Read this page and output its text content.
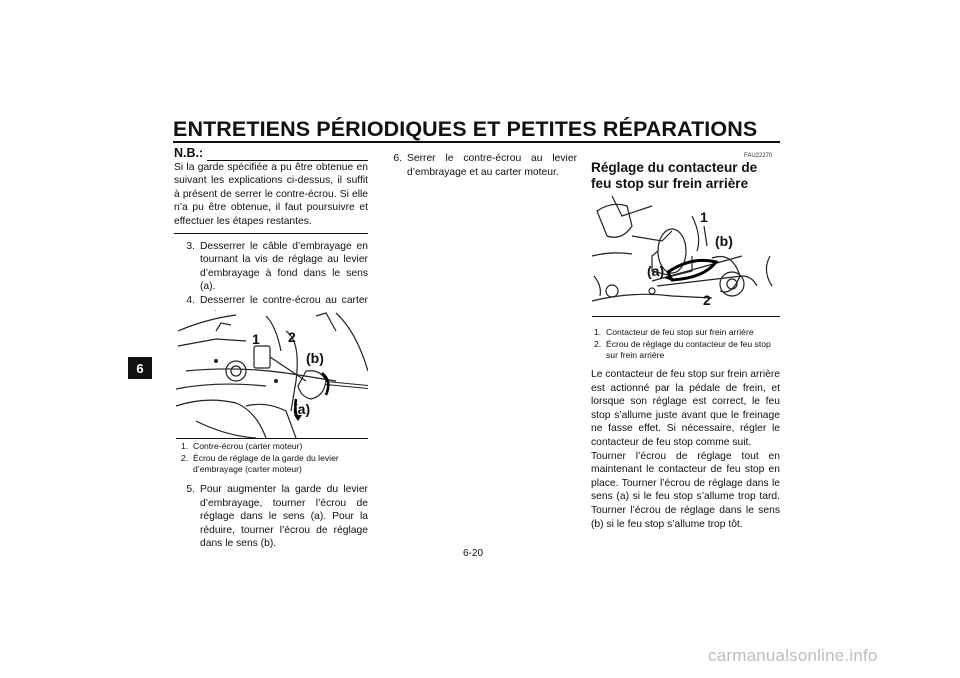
ENTRETIENS PÉRIODIQUES ET PETITES RÉPARATIONS
6
N.B.:

Si la garde spécifiée a pu être obtenue en suivant les explications ci-dessus, il suffit à présent de serrer le contre-écrou. Si elle n’a pu être obtenue, il faut poursuivre et effectuer les étapes restantes.

3. Desserrer le câble d’embrayage en tournant la vis de réglage au levier d’embrayage à fond dans le sens (a).
4. Desserrer le contre-écrou au carter
1 2
(b)
(a)
1. Contre-écrou (carter moteur)
2. Écrou de réglage de la garde du levier d’embrayage (carter moteur)
5. Pour augmenter la garde du levier d’embrayage, tourner l’écrou de réglage dans le sens (a). Pour la réduire, tourner l’écrou de réglage dans le sens (b).
6. Serrer le contre-écrou au levier d’embrayage et au carter moteur.
FAU22270
Réglage du contacteur de feu stop sur frein arrière
1
(b)
(a)
2
1. Contacteur de feu stop sur frein arrière
2. Écrou de réglage du contacteur de feu stop sur frein arrière

Le contacteur de feu stop sur frein arrière est actionné par la pédale de frein, et lorsque son réglage est correct, le feu stop s’allume juste avant que le freinage ne fasse effet. Si nécessaire, régler le contacteur de feu stop comme suit.

Tourner l’écrou de réglage tout en maintenant le contacteur de feu stop en place. Tourner l’écrou de réglage dans le sens (a) si le feu stop s’allume trop tard. Tourner l’écrou de réglage dans le sens (b) si le feu stop s’allume trop tôt.

6-20
carmanualsonline.info
